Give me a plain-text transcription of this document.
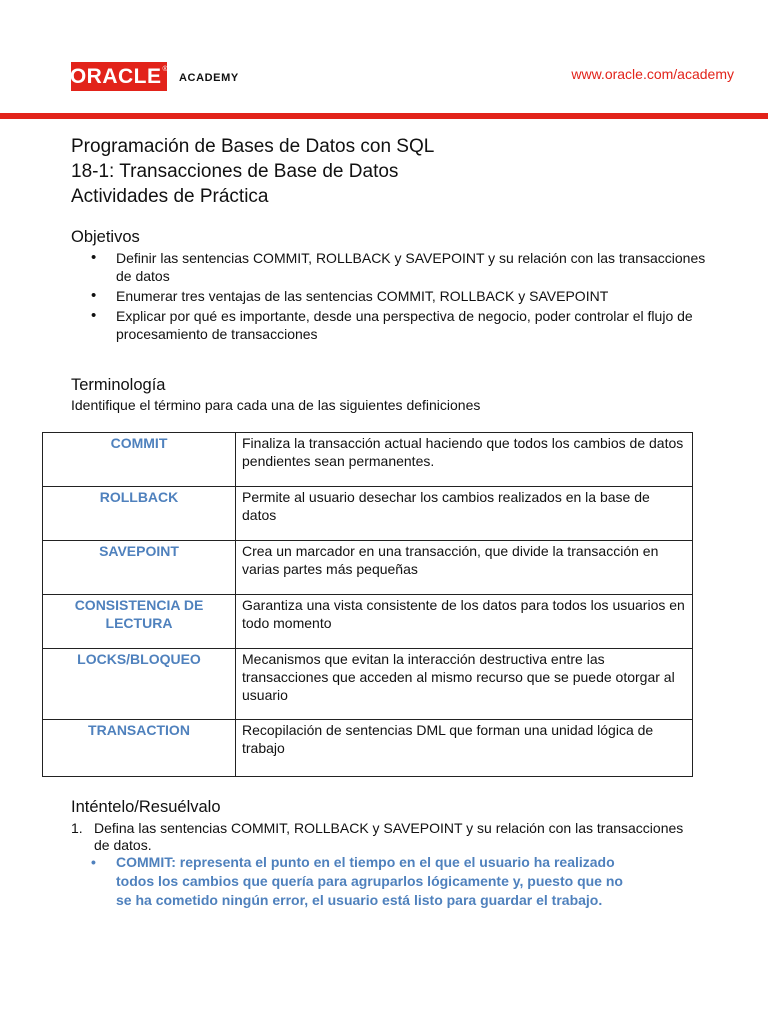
ORACLE ®
ACADEMY	www.oracle.com/academy
Programación de Bases de Datos con SQL
18-1: Transacciones de Base de Datos
Actividades de Práctica
Objetivos
• Definir las sentencias COMMIT, ROLLBACK y SAVEPOINT y su relación con las transacciones de datos
• Enumerar tres ventajas de las sentencias COMMIT, ROLLBACK y SAVEPOINT
• Explicar por qué es importante, desde una perspectiva de negocio, poder controlar el flujo de procesamiento de transacciones
Terminología
Identifique el término para cada una de las siguientes definiciones
COMMIT	Finaliza la transacción actual haciendo que todos los cambios de datos pendientes sean permanentes.
ROLLBACK	Permite al usuario desechar los cambios realizados en la base de datos
SAVEPOINT	Crea un marcador en una transacción, que divide la transacción en varias partes más pequeñas
CONSISTENCIA DE LECTURA	Garantiza una vista consistente de los datos para todos los usuarios en todo momento
LOCKS/BLOQUEO	Mecanismos que evitan la interacción destructiva entre las transacciones que acceden al mismo recurso que se puede otorgar al usuario
TRANSACTION	Recopilación de sentencias DML que forman una unidad lógica de trabajo
Inténtelo/Resuélvalo
1. Defina las sentencias COMMIT, ROLLBACK y SAVEPOINT y su relación con las transacciones de datos.
•	COMMIT: representa el punto en el tiempo en el que el usuario ha realizado todos los cambios que quería para agruparlos lógicamente y, puesto que no se ha cometido ningún error, el usuario está listo para guardar el trabajo.
